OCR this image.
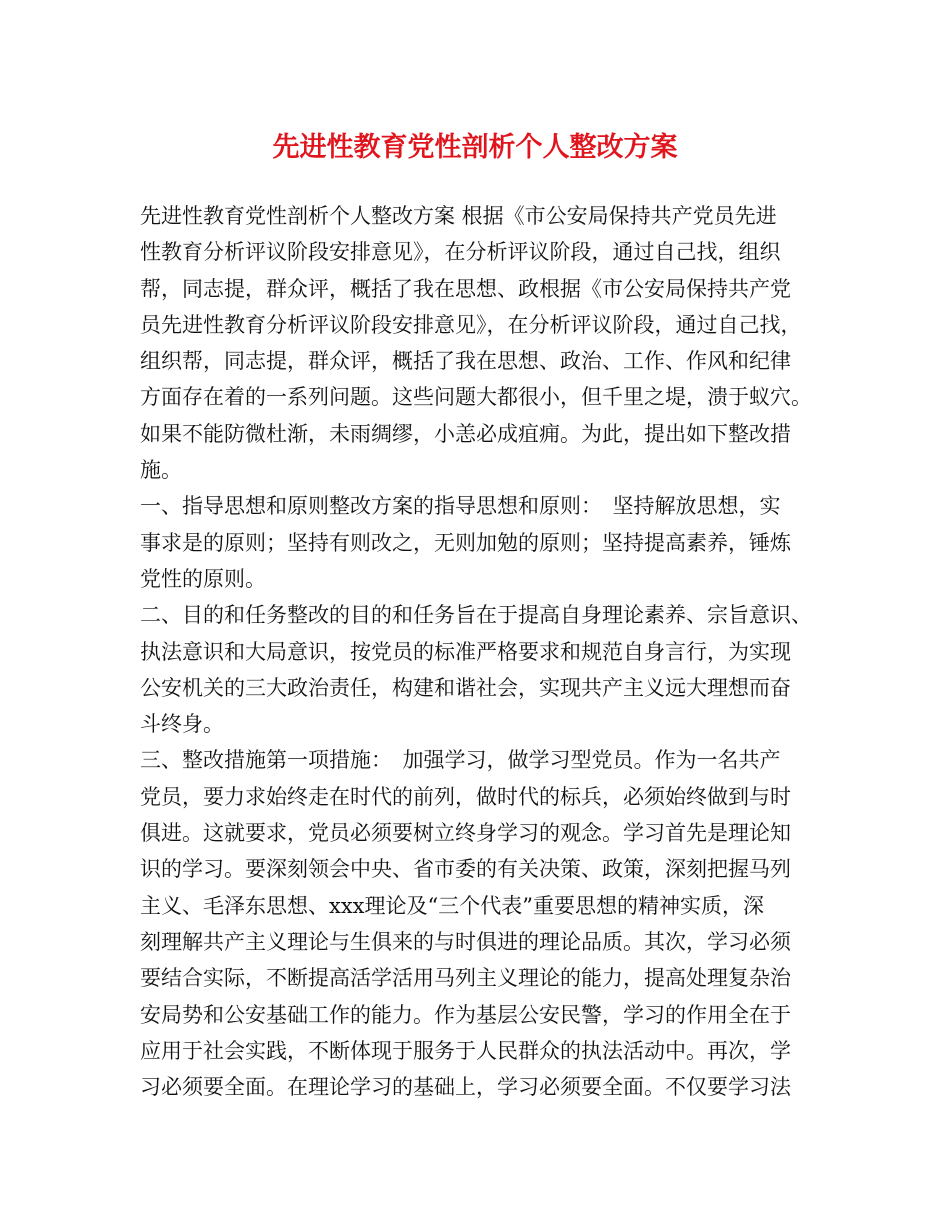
先进性教育党性剖析个人整改方案
先进性教育党性剖析个人整改方案 根据《市公安局保持共产党员先进
性教育分析评议阶段安排意见》，在分析评议阶段，通过自己找，组织
帮，同志提，群众评，概括了我在思想、政根据《市公安局保持共产党
员先进性教育分析评议阶段安排意见》，在分析评议阶段，通过自己找，
组织帮，同志提，群众评，概括了我在思想、政治、工作、作风和纪律
方面存在着的一系列问题。这些问题大都很小，但千里之堤，溃于蚁穴。
如果不能防微杜渐，未雨绸缪，小恙必成疽痈。为此，提出如下整改措
施。
一、指导思想和原则整改方案的指导思想和原则：　坚持解放思想，实
事求是的原则；坚持有则改之，无则加勉的原则；坚持提高素养，锤炼
党性的原则。
二、目的和任务整改的目的和任务旨在于提高自身理论素养、宗旨意识、
执法意识和大局意识，按党员的标准严格要求和规范自身言行，为实现
公安机关的三大政治责任，构建和谐社会，实现共产主义远大理想而奋
斗终身。
三、整改措施第一项措施：　加强学习，做学习型党员。作为一名共产
党员，要力求始终走在时代的前列，做时代的标兵，必须始终做到与时
俱进。这就要求，党员必须要树立终身学习的观念。学习首先是理论知
识的学习。要深刻领会中央、省市委的有关决策、政策，深刻把握马列
主义、毛泽东思想、xxx理论及“三个代表”重要思想的精神实质，深
刻理解共产主义理论与生俱来的与时俱进的理论品质。其次，学习必须
要结合实际，不断提高活学活用马列主义理论的能力，提高处理复杂治
安局势和公安基础工作的能力。作为基层公安民警，学习的作用全在于
应用于社会实践，不断体现于服务于人民群众的执法活动中。再次，学
习必须要全面。在理论学习的基础上，学习必须要全面。不仅要学习法
